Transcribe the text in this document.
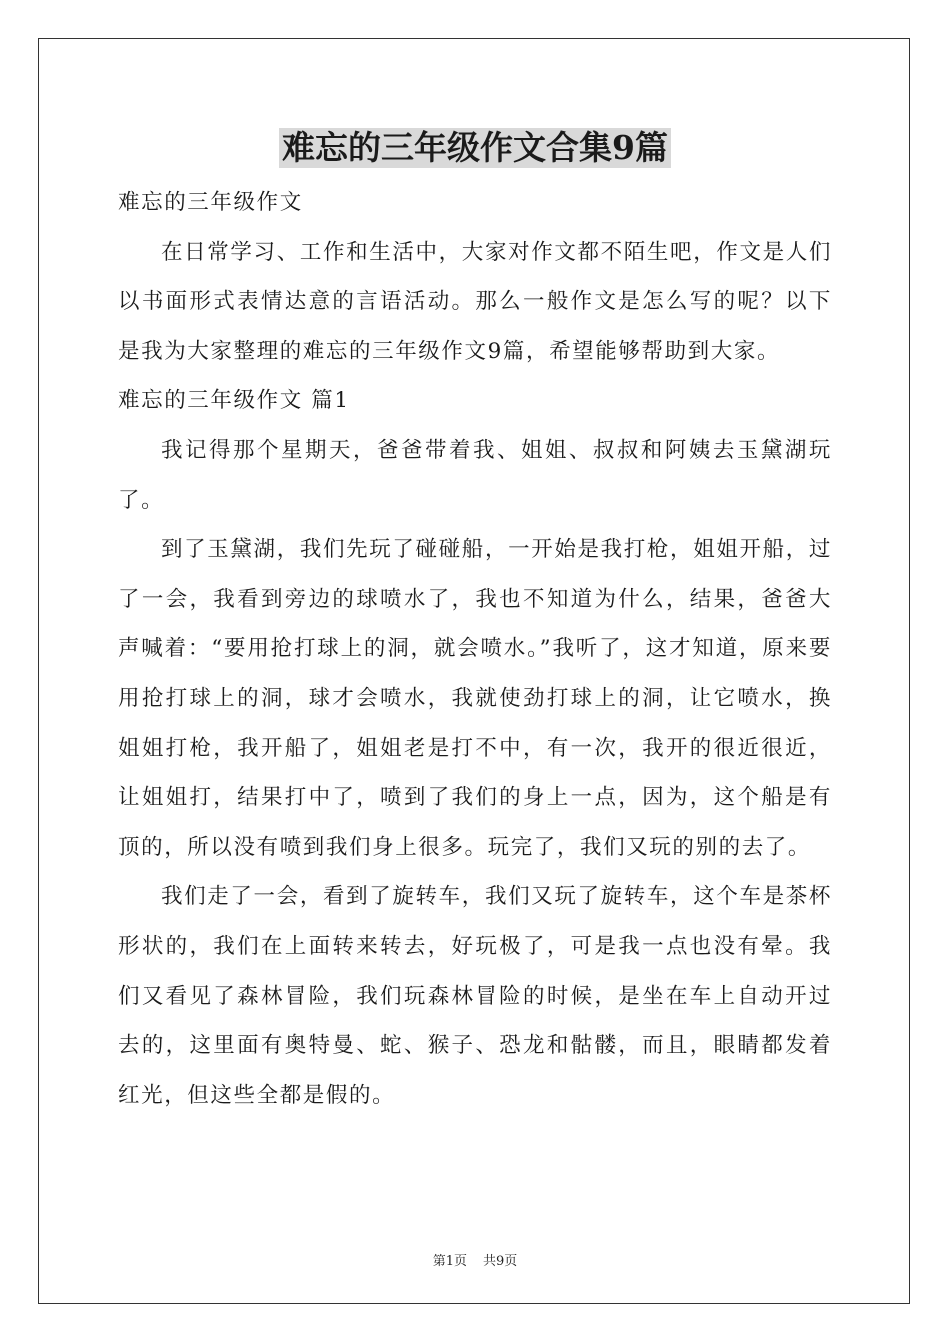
难忘的三年级作文合集9篇

难忘的三年级作文

在日常学习、工作和生活中，大家对作文都不陌生吧，作文是人们以书面形式表情达意的言语活动。那么一般作文是怎么写的呢？以下是我为大家整理的难忘的三年级作文9篇，希望能够帮助到大家。

难忘的三年级作文 篇1

我记得那个星期天，爸爸带着我、姐姐、叔叔和阿姨去玉黛湖玩了。

到了玉黛湖，我们先玩了碰碰船，一开始是我打枪，姐姐开船，过了一会，我看到旁边的球喷水了，我也不知道为什么，结果，爸爸大声喊着：“要用抢打球上的洞，就会喷水。”我听了，这才知道，原来要用抢打球上的洞，球才会喷水，我就使劲打球上的洞，让它喷水，换姐姐打枪，我开船了，姐姐老是打不中，有一次，我开的很近很近，让姐姐打，结果打中了，喷到了我们的身上一点，因为，这个船是有顶的，所以没有喷到我们身上很多。玩完了，我们又玩的别的去了。

我们走了一会，看到了旋转车，我们又玩了旋转车，这个车是茶杯形状的，我们在上面转来转去，好玩极了，可是我一点也没有晕。我们又看见了森林冒险，我们玩森林冒险的时候，是坐在车上自动开过去的，这里面有奥特曼、蛇、猴子、恐龙和骷髅，而且，眼睛都发着红光，但这些全都是假的。

第1页 共9页
